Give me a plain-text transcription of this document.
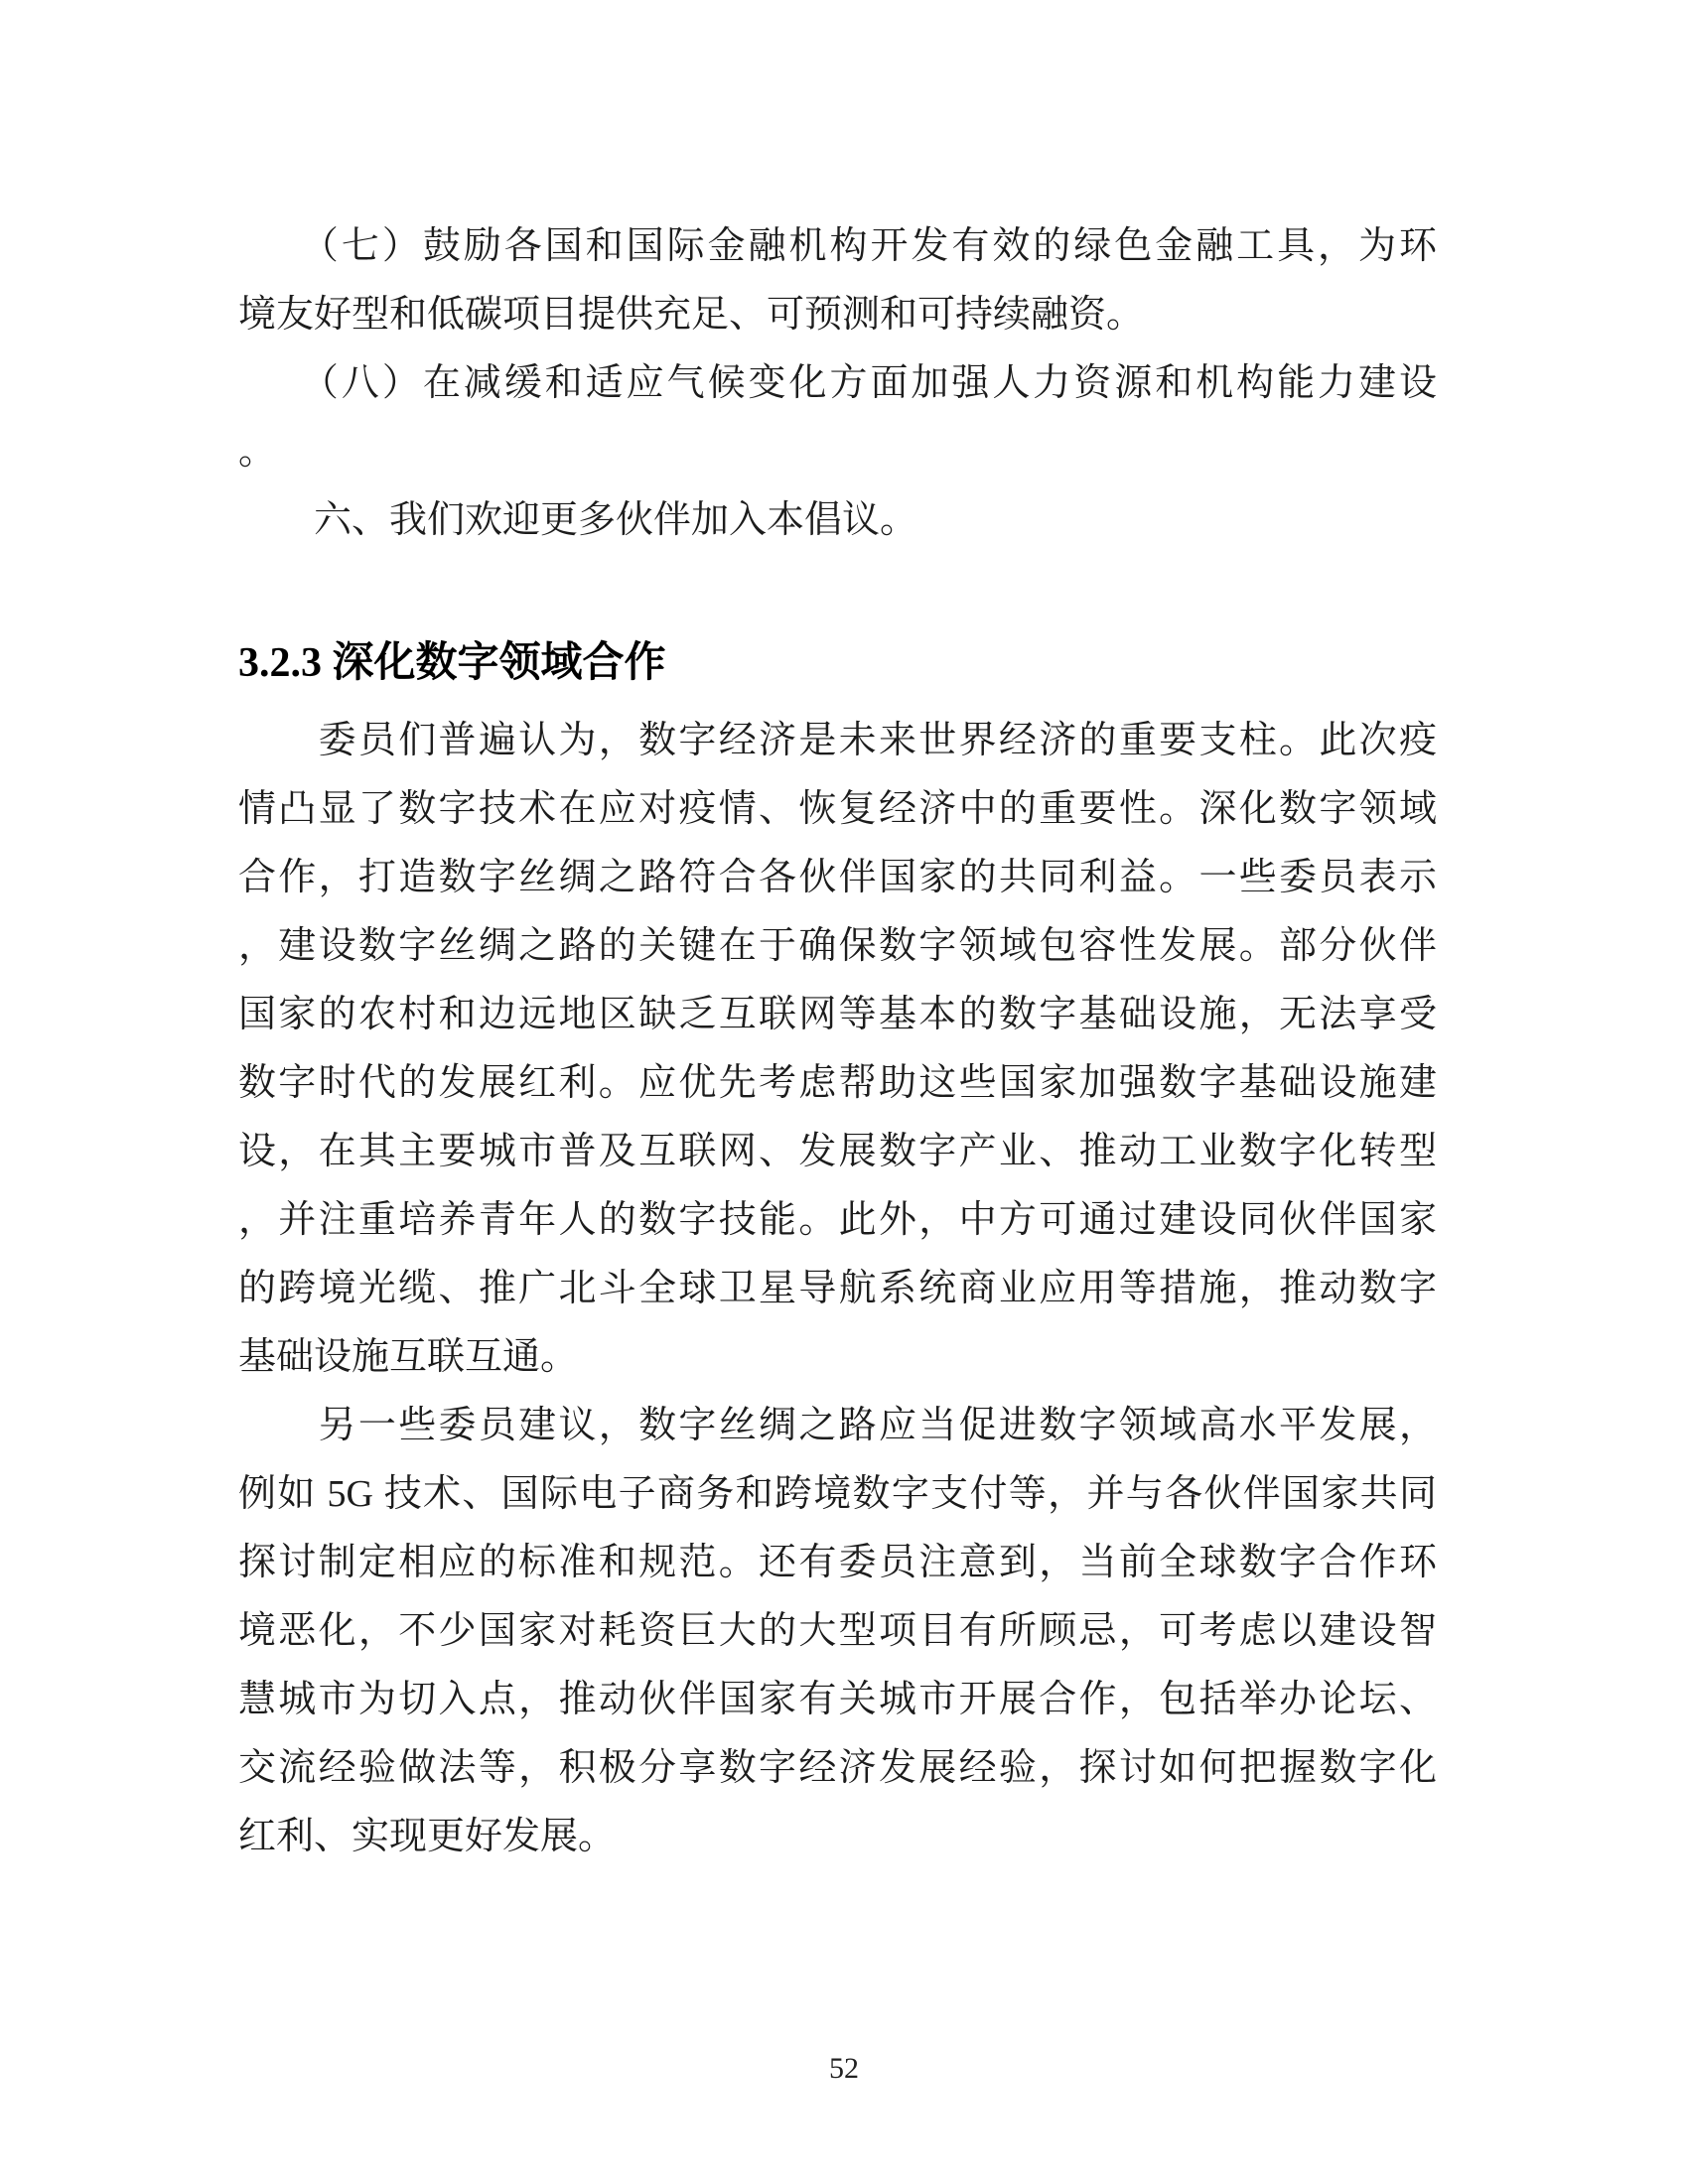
　　（七）鼓励各国和国际金融机构开发有效的绿色金融工具，为环
境友好型和低碳项目提供充足、可预测和可持续融资。
　　（八）在减缓和适应气候变化方面加强人力资源和机构能力建设
。
　　六、我们欢迎更多伙伴加入本倡议。
3.2.3 深化数字领域合作
　　委员们普遍认为，数字经济是未来世界经济的重要支柱。此次疫
情凸显了数字技术在应对疫情、恢复经济中的重要性。深化数字领域
合作，打造数字丝绸之路符合各伙伴国家的共同利益。一些委员表示
，建设数字丝绸之路的关键在于确保数字领域包容性发展。部分伙伴
国家的农村和边远地区缺乏互联网等基本的数字基础设施，无法享受
数字时代的发展红利。应优先考虑帮助这些国家加强数字基础设施建
设，在其主要城市普及互联网、发展数字产业、推动工业数字化转型
，并注重培养青年人的数字技能。此外，中方可通过建设同伙伴国家
的跨境光缆、推广北斗全球卫星导航系统商业应用等措施，推动数字
基础设施互联互通。
　　另一些委员建议，数字丝绸之路应当促进数字领域高水平发展，
例如 5G 技术、国际电子商务和跨境数字支付等，并与各伙伴国家共同
探讨制定相应的标准和规范。还有委员注意到，当前全球数字合作环
境恶化，不少国家对耗资巨大的大型项目有所顾忌，可考虑以建设智
慧城市为切入点，推动伙伴国家有关城市开展合作，包括举办论坛、
交流经验做法等，积极分享数字经济发展经验，探讨如何把握数字化
红利、实现更好发展。
52
